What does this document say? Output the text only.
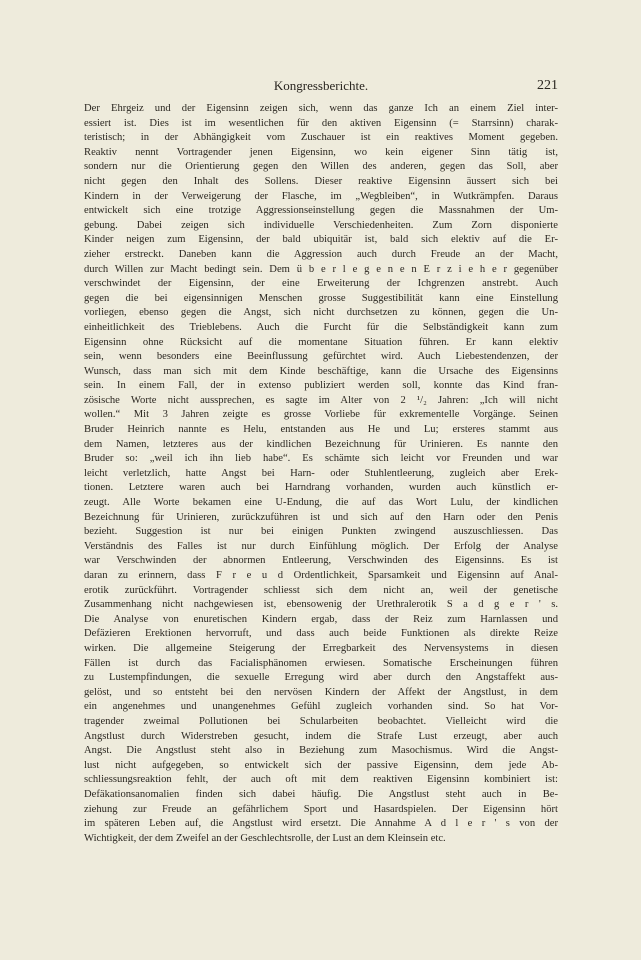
Kongressberichte.	221
Der Ehrgeiz und der Eigensinn zeigen sich, wenn das ganze Ich an einem Ziel inter-
essiert ist. Dies ist im wesentlichen für den aktiven Eigensinn (= Starrsinn) charak-
teristisch; in der Abhängigkeit vom Zuschauer ist ein reaktives Moment gegeben.
Reaktiv nennt Vortragender jenen Eigensinn, wo kein eigener Sinn tätig ist,
sondern nur die Orientierung gegen den Willen des anderen, gegen das Soll, aber
nicht gegen den Inhalt des Sollens. Dieser reaktive Eigensinn äussert sich bei
Kindern in der Verweigerung der Flasche, im „Wegbleiben“, in Wutkrämpfen. Daraus
entwickelt sich eine trotzige Aggressionseinstellung gegen die Massnahmen der Um-
gebung. Dabei zeigen sich individuelle Verschiedenheiten. Zum Zorn disponierte
Kinder neigen zum Eigensinn, der bald ubiquitär ist, bald sich elektiv auf die Er-
zieher erstreckt. Daneben kann die Aggression auch durch Freude an der Macht,
durch Willen zur Macht bedingt sein. Dem ü b e r l e g e n e n E r z i e h e r gegenüber
verschwindet der Eigensinn, der eine Erweiterung der Ichgrenzen anstrebt. Auch
gegen die bei eigensinnigen Menschen grosse Suggestibilität kann eine Einstellung
vorliegen, ebenso gegen die Angst, sich nicht durchsetzen zu können, gegen die Un-
einheitlichkeit des Trieblebens. Auch die Furcht für die Selbständigkeit kann zum
Eigensinn ohne Rücksicht auf die momentane Situation führen. Er kann elektiv
sein, wenn besonders eine Beeinflussung gefürchtet wird. Auch Liebestendenzen, der
Wunsch, dass man sich mit dem Kinde beschäftige, kann die Ursache des Eigensinns
sein. In einem Fall, der in extenso publiziert werden soll, konnte das Kind fran-
zösische Worte nicht aussprechen, es sagte im Alter von 2 ¹/₂ Jahren: „Ich will nicht
wollen.“ Mit 3 Jahren zeigte es grosse Vorliebe für exkrementelle Vorgänge. Seinen
Bruder Heinrich nannte es Helu, entstanden aus He und Lu; ersteres stammt aus
dem Namen, letzteres aus der kindlichen Bezeichnung für Urinieren. Es nannte den
Bruder so: „weil ich ihn lieb habe“. Es schämte sich leicht vor Freunden und war
leicht verletzlich, hatte Angst bei Harn- oder Stuhlentleerung, zugleich aber Erek-
tionen. Letztere waren auch bei Harndrang vorhanden, wurden auch künstlich er-
zeugt. Alle Worte bekamen eine U-Endung, die auf das Wort Lulu, der kindlichen
Bezeichnung für Urinieren, zurückzuführen ist und sich auf den Harn oder den Penis
bezieht. Suggestion ist nur bei einigen Punkten zwingend auszuschliessen. Das
Verständnis des Falles ist nur durch Einfühlung möglich. Der Erfolg der Analyse
war Verschwinden der abnormen Entleerung, Verschwinden des Eigensinns. Es ist
daran zu erinnern, dass F r e u d Ordentlichkeit, Sparsamkeit und Eigensinn auf Anal-
erotik zurückführt. Vortragender schliesst sich dem nicht an, weil der genetische
Zusammenhang nicht nachgewiesen ist, ebensowenig der Urethralerotik S a d g e r ' s.
Die Analyse von enuretischen Kindern ergab, dass der Reiz zum Harnlassen und
Defäzieren Erektionen hervorruft, und dass auch beide Funktionen als direkte Reize
wirken. Die allgemeine Steigerung der Erregbarkeit des Nervensystems in diesen
Fällen ist durch das Facialisphänomen erwiesen. Somatische Erscheinungen führen
zu Lustempfindungen, die sexuelle Erregung wird aber durch den Angstaffekt aus-
gelöst, und so entsteht bei den nervösen Kindern der Affekt der Angstlust, in dem
ein angenehmes und unangenehmes Gefühl zugleich vorhanden sind. So hat Vor-
tragender zweimal Pollutionen bei Schularbeiten beobachtet. Vielleicht wird die
Angstlust durch Widerstreben gesucht, indem die Strafe Lust erzeugt, aber auch
Angst. Die Angstlust steht also in Beziehung zum Masochismus. Wird die Angst-
lust nicht aufgegeben, so entwickelt sich der passive Eigensinn, dem jede Ab-
schliessungsreaktion fehlt, der auch oft mit dem reaktiven Eigensinn kombiniert ist:
Defäkationsanomalien finden sich dabei häufig. Die Angstlust steht auch in Be-
ziehung zur Freude an gefährlichem Sport und Hasardspielen. Der Eigensinn hört
im späteren Leben auf, die Angstlust wird ersetzt. Die Annahme A d l e r ' s von der
Wichtigkeit, der dem Zweifel an der Geschlechtsrolle, der Lust an dem Kleinsein etc.
